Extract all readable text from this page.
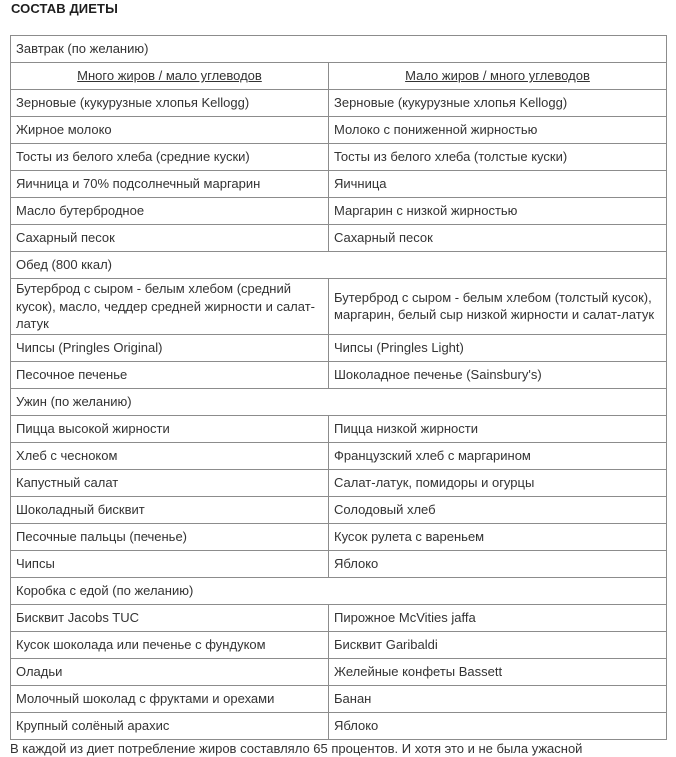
СОСТАВ ДИЕТЫ
Завтрак (по желанию)	
Много жиров / мало углеводов	Мало жиров / много углеводов
Зерновые (кукурузные хлопья Kellogg)	Зерновые (кукурузные хлопья Kellogg)
Жирное молоко	Молоко с пониженной жирностью
Тосты из белого хлеба (средние куски)	Тосты из белого хлеба (толстые куски)
Яичница и 70% подсолнечный маргарин	Яичница
Масло бутербродное	Маргарин с низкой жирностью
Сахарный песок	Сахарный песок
Обед (800 ккал)	
Бутерброд с сыром - белым хлебом (средний кусок), масло, чеддер средней жирности и салат-латук	Бутерброд с сыром - белым хлебом (толстый кусок), маргарин, белый сыр низкой жирности и салат-латук
Чипсы (Pringles Original)	Чипсы (Pringles Light)
Песочное печенье	Шоколадное печенье (Sainsbury's)
Ужин (по желанию)	
Пицца высокой жирности	Пицца низкой жирности
Хлеб с чесноком	Французский хлеб с маргарином
Капустный салат	Салат-латук, помидоры и огурцы
Шоколадный бисквит	Солодовый хлеб
Песочные пальцы (печенье)	Кусок рулета с вареньем
Чипсы	Яблоко
Коробка с едой (по желанию)	
Бисквит Jacobs TUC	Пирожное McVities jaffa
Кусок шоколада или печенье с фундуком	Бисквит Garibaldi
Оладьи	Желейные конфеты Bassett
Молочный шоколад с фруктами и орехами	Банан
Крупный солёный арахис	Яблоко
В каждой из диет потребление жиров составляло 65 процентов. И хотя это и не была ужасной
